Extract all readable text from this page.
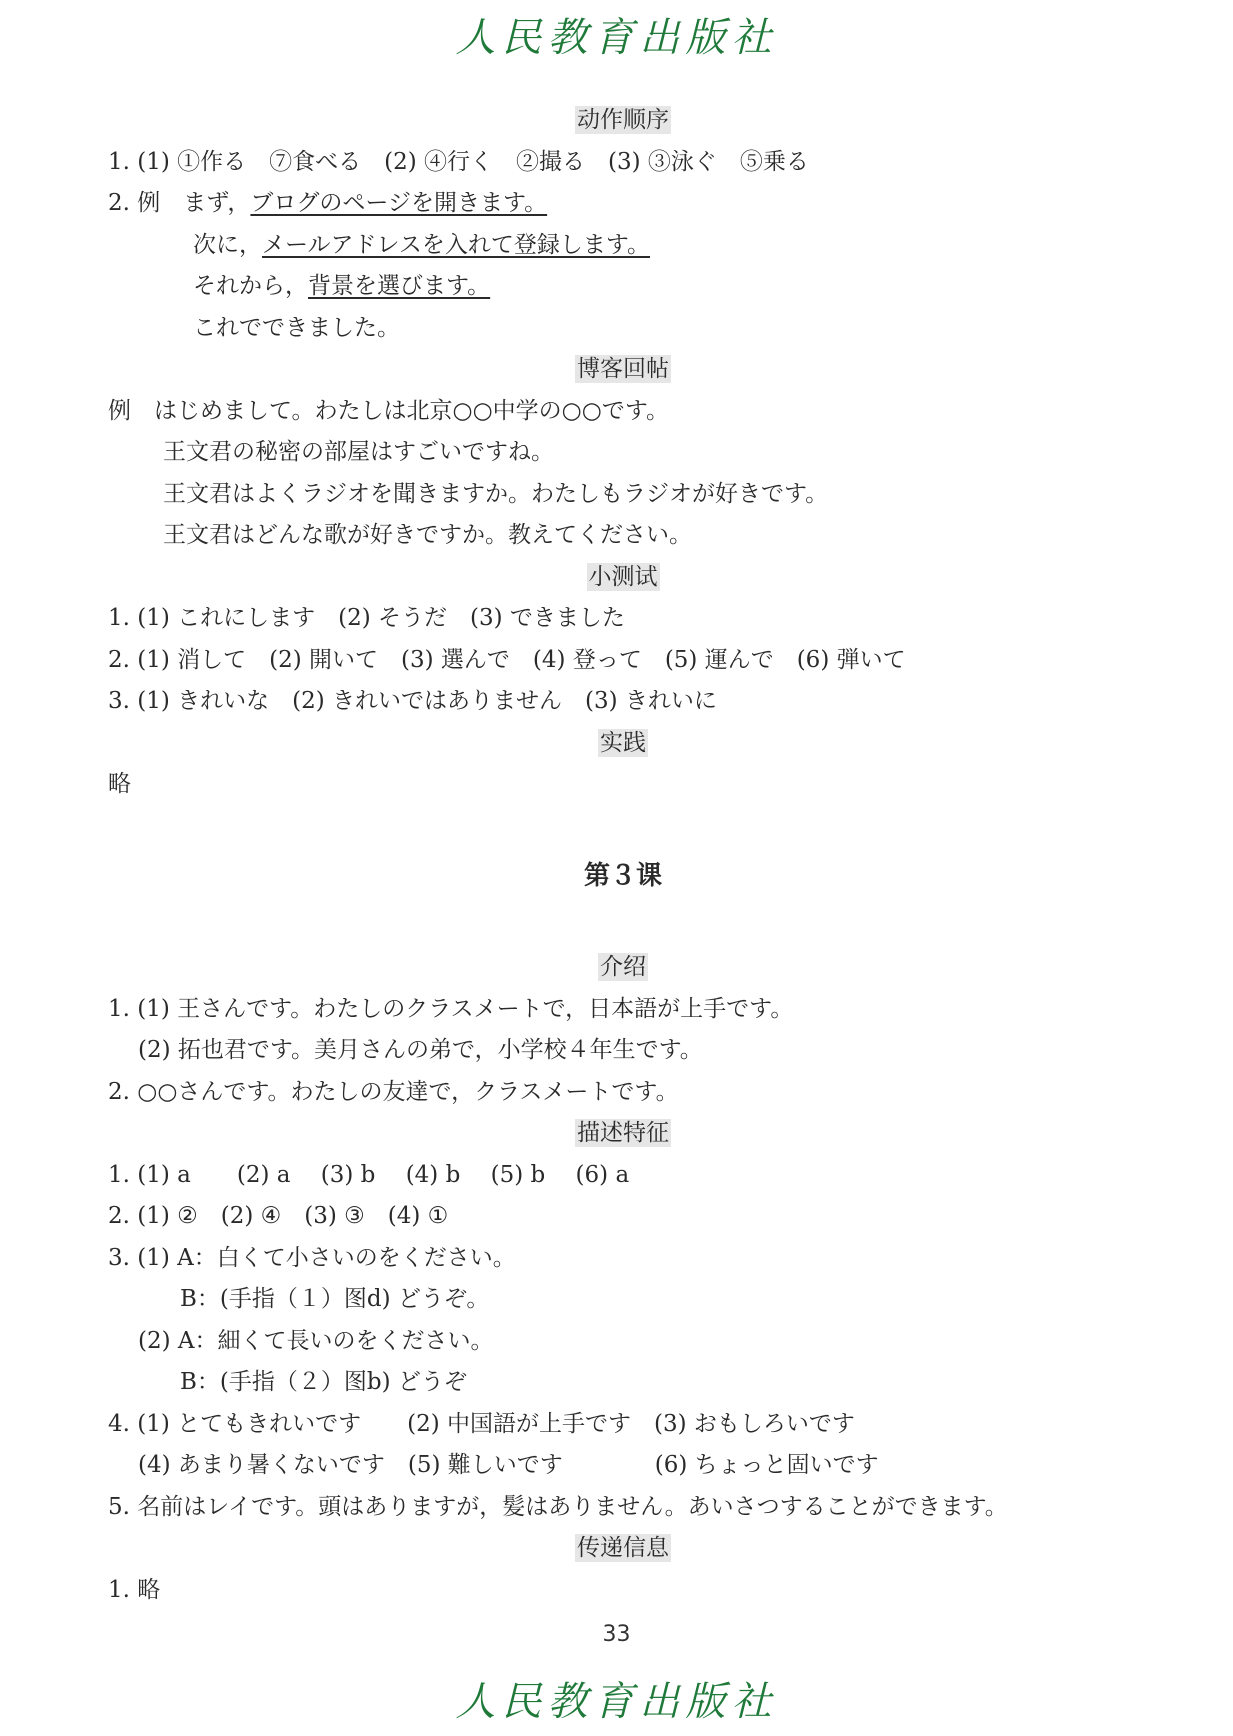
人民教育出版社
动作顺序
1. (1) ①作る　⑦食べる　(2) ④行く　②撮る　(3) ③泳ぐ　⑤乗る
2. 例　まず，ブログのページを開きます。
次に，メールアドレスを入れて登録します。
それから，背景を選びます。
これでできました。
博客回帖
例　はじめまして。わたしは北京○○中学の○○です。
王文君の秘密の部屋はすごいですね。
王文君はよくラジオを聞きますか。わたしもラジオが好きです。
王文君はどんな歌が好きですか。教えてください。
小测试
1. (1) これにします　(2) そうだ　(3) できました
2. (1) 消して　(2) 開いて　(3) 選んで　(4) 登って　(5) 運んで　(6) 弾いて
3. (1) きれいな　(2) きれいではありません　(3) きれいに
实践
略
第３课
介绍
1. (1) 王さんです。わたしのクラスメートで，日本語が上手です。
(2) 拓也君です。美月さんの弟で，小学校４年生です。
2. ○○さんです。わたしの友達で，クラスメートです。
描述特征
1. (1) a　　(2) a　 (3) b　 (4) b　 (5) b　 (6) a
2. (1) ②　(2) ④　(3) ③　(4) ①
3. (1) A：白くて小さいのをください。
B：(手指（１）图d) どうぞ。
(2) A：細くて長いのをください。
B：(手指（２）图b) どうぞ
4. (1) とてもきれいです　　(2) 中国語が上手です　(3) おもしろいです
(4) あまり暑くないです　(5) 難しいです　　　　(6) ちょっと固いです
5. 名前はレイです。頭はありますが，髪はありません。あいさつすることができます。
传递信息
1. 略
33
人民教育出版社
